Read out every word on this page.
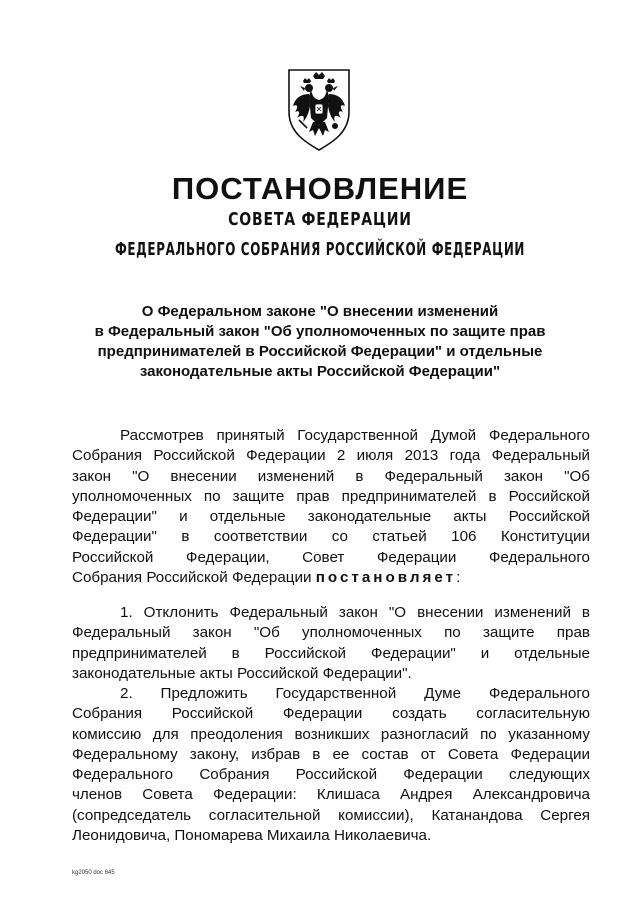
ПОСТАНОВЛЕНИЕ
СОВЕТА ФЕДЕРАЦИИ
ФЕДЕРАЛЬНОГО СОБРАНИЯ РОССИЙСКОЙ ФЕДЕРАЦИИ
О Федеральном законе "О внесении изменений
в Федеральный закон "Об уполномоченных по защите прав
предпринимателей в Российской Федерации" и отдельные
законодательные акты Российской Федерации"
Рассмотрев принятый Государственной Думой Федерального
Собрания Российской Федерации 2 июля 2013 года Федеральный
закон "О внесении изменений в Федеральный закон "Об
уполномоченных по защите прав предпринимателей в Российской
Федерации" и отдельные законодательные акты Российской
Федерации" в соответствии со статьей 106 Конституции
Российской Федерации, Совет Федерации Федерального
Собрания Российской Федерации постановляет:
1. Отклонить Федеральный закон "О внесении изменений в
Федеральный закон "Об уполномоченных по защите прав
предпринимателей в Российской Федерации" и отдельные
законодательные акты Российской Федерации".
2. Предложить Государственной Думе Федерального
Собрания Российской Федерации создать согласительную
комиссию для преодоления возникших разногласий по указанному
Федеральному закону, избрав в ее состав от Совета Федерации
Федерального Собрания Российской Федерации следующих
членов Совета Федерации: Клишаса Андрея Александровича
(сопредседатель согласительной комиссии), Катанандова Сергея
Леонидовича, Пономарева Михаила Николаевича.
kg2050 doc 645
